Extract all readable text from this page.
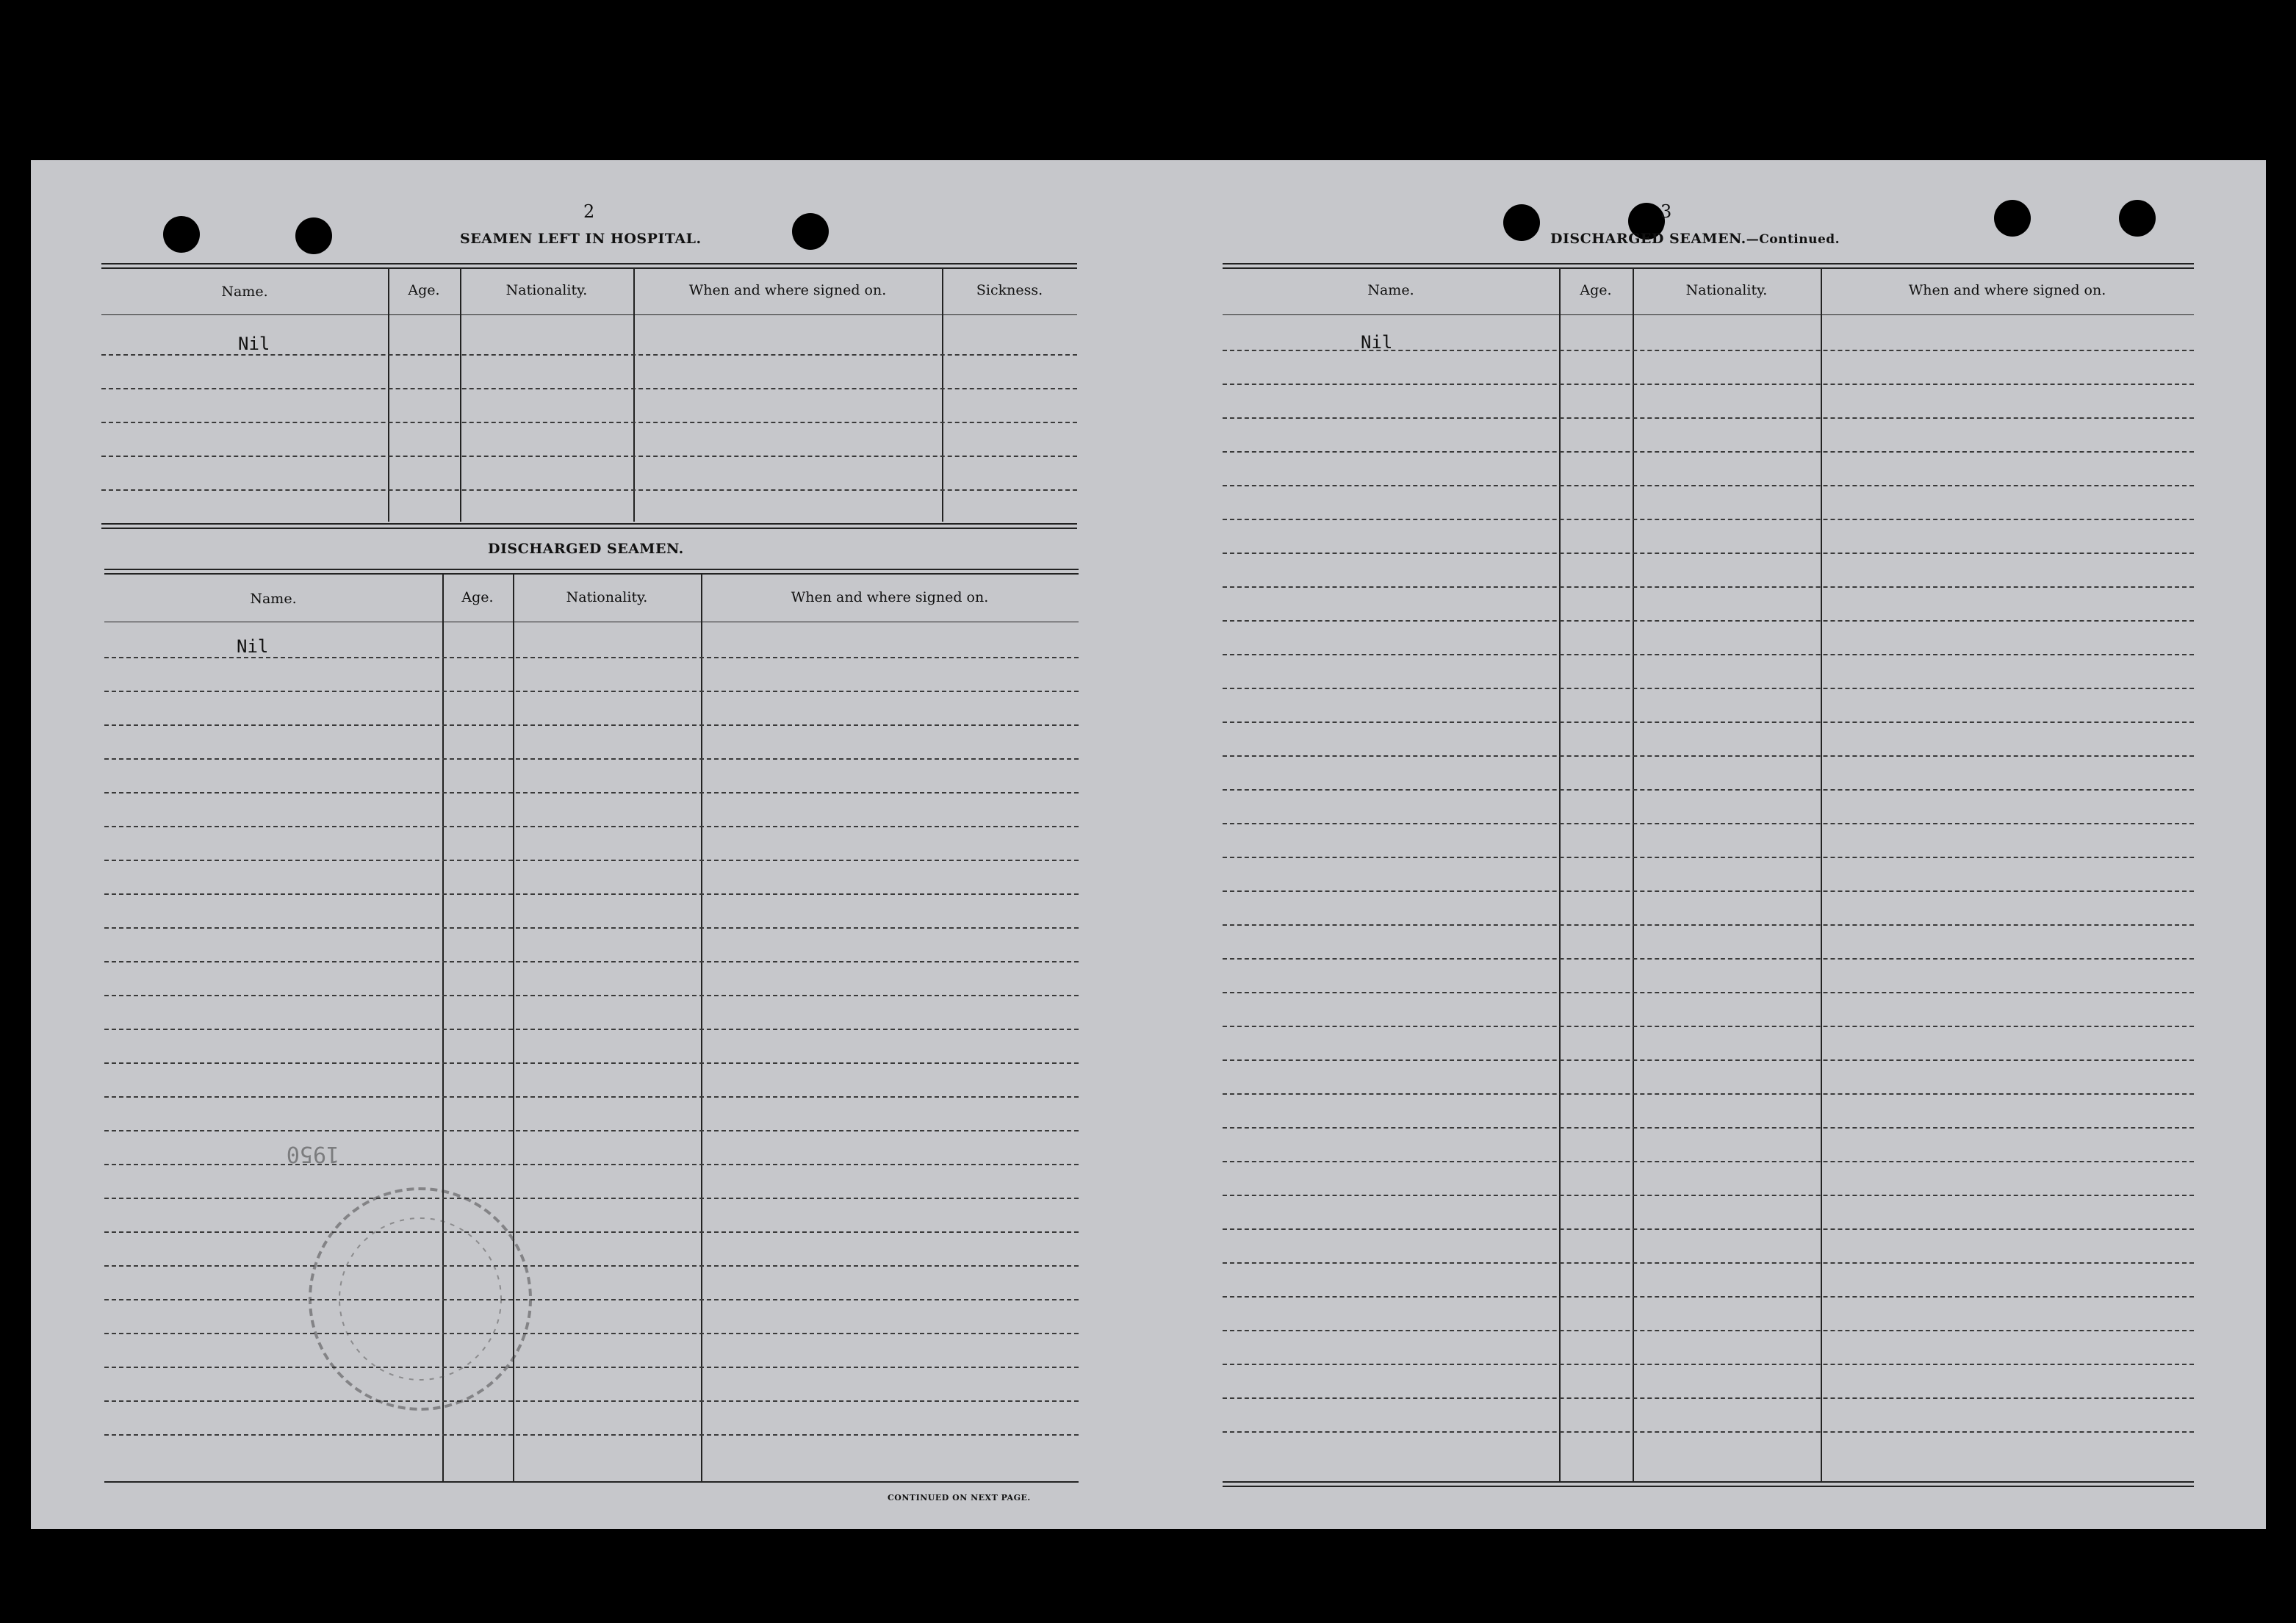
2
SEAMEN LEFT IN HOSPITAL.
Name.	Age.	Nationality.	When and where signed on.	Sickness.
Nil
DISCHARGED SEAMEN.
Name.	Age.	Nationality.	When and where signed on.
Nil
CONTINUED ON NEXT PAGE.
1950
3
DISCHARGED SEAMEN.—Continued.
Name.	Age.	Nationality.	When and where signed on.
Nil
